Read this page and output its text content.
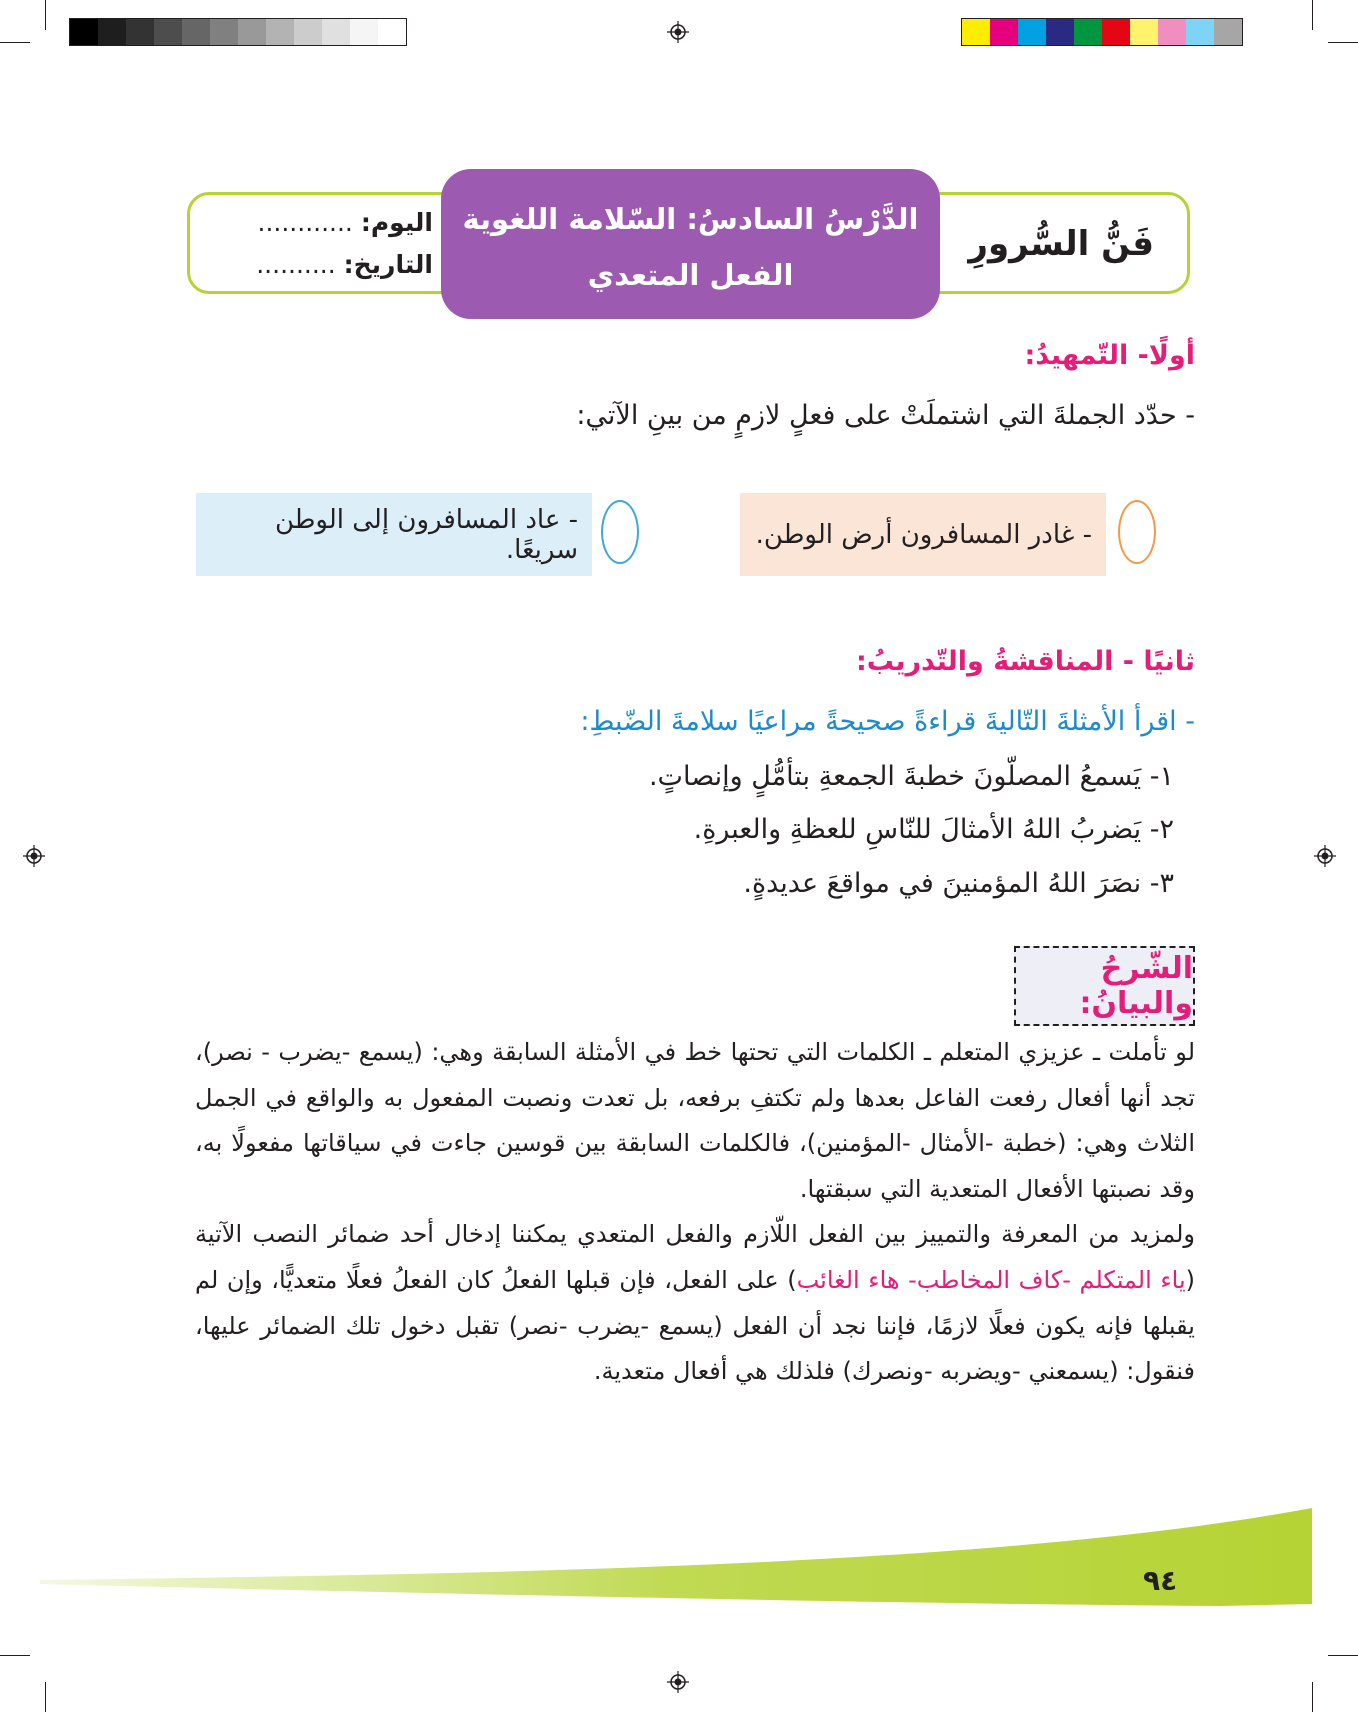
فَنُّ السُّرورِ
اليوم: ............
التاريخ: ..........
الدَّرْسُ السادسُ: السّلامة اللغوية
الفعل المتعدي
أولًا- التّمهيدُ:
- حدّد الجملةَ التي اشتملَتْ على فعلٍ لازمٍ من بينِ الآتي:
- غادر المسافرون أرض الوطن.
- عاد المسافرون إلى الوطن سريعًا.
ثانيًا - المناقشةُ والتّدريبُ:
- اقرأ الأمثلةَ التّاليةَ قراءةً صحيحةً مراعيًا سلامةَ الضّبطِ:
١- يَسمعُ المصلّونَ خطبةَ الجمعةِ بتأمُّلٍ وإنصاتٍ.
٢- يَضربُ اللهُ الأمثالَ للنّاسِ للعظةِ والعبرةِ.
٣- نصَرَ اللهُ المؤمنينَ في مواقعَ عديدةٍ.
الشّرحُ والبيانُ:

لو تأملت ـ عزيزي المتعلم ـ الكلمات التي تحتها خط في الأمثلة السابقة وهي: (يسمع -يضرب - نصر)، تجد أنها أفعال رفعت الفاعل بعدها ولم تكتفِ برفعه، بل تعدت ونصبت المفعول به والواقع في الجمل الثلاث وهي: (خطبة -الأمثال -المؤمنين)، فالكلمات السابقة بين قوسين جاءت في سياقاتها مفعولًا به، وقد نصبتها الأفعال المتعدية التي سبقتها.

ولمزيد من المعرفة والتمييز بين الفعل اللّازم والفعل المتعدي يمكننا إدخال أحد ضمائر النصب الآتية (ياء المتكلم -كاف المخاطب- هاء الغائب) على الفعل، فإن قبلها الفعلُ كان الفعلُ فعلًا متعديًّا، وإن لم يقبلها فإنه يكون فعلًا لازمًا، فإننا نجد أن الفعل (يسمع -يضرب -نصر) تقبل دخول تلك الضمائر عليها، فنقول: (يسمعني -ويضربه -ونصرك) فلذلك هي أفعال متعدية.

٩٤
